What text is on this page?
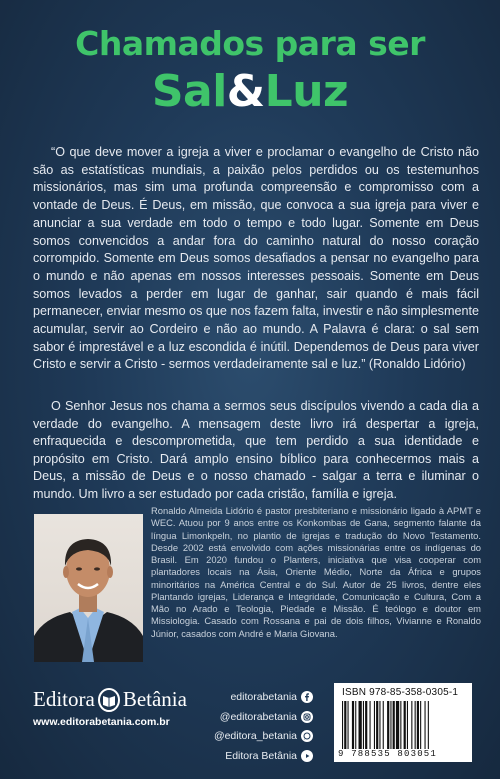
Chamados para ser
Sal&Luz

“O que deve mover a igreja a viver e proclamar o evangelho de Cristo não são as estatísticas mundiais, a paixão pelos perdidos ou os testemunhos missionários, mas sim uma profunda compreensão e compromisso com a vontade de Deus. É Deus, em missão, que convoca a sua igreja para viver e anunciar a sua verdade em todo o tempo e todo lugar. Somente em Deus somos convencidos a andar fora do caminho natural do nosso coração corrompido. Somente em Deus somos desafiados a pensar no evangelho para o mundo e não apenas em nossos interesses pessoais. Somente em Deus somos levados a perder em lugar de ganhar, sair quando é mais fácil permanecer, enviar mesmo os que nos fazem falta, investir e não simplesmente acumular, servir ao Cordeiro e não ao mundo. A Palavra é clara: o sal sem sabor é imprestável e a luz escondida é inútil. Dependemos de Deus para viver Cristo e servir a Cristo - sermos verdadeiramente sal e luz.” (Ronaldo Lidório)

O Senhor Jesus nos chama a sermos seus discípulos vivendo a cada dia a verdade do evangelho. A mensagem deste livro irá despertar a igreja, enfraquecida e descomprometida, que tem perdido a sua identidade e propósito em Cristo. Dará amplo ensino bíblico para conhecermos mais a Deus, a missão de Deus e o nosso chamado - salgar a terra e iluminar o mundo. Um livro a ser estudado por cada cristão, família e igreja.

Ronaldo Almeida Lidório é pastor presbiteriano e missionário ligado à APMT e WEC. Atuou por 9 anos entre os Konkombas de Gana, segmento falante da língua Limonkpeln, no plantio de igrejas e tradução do Novo Testamento. Desde 2002 está envolvido com ações missionárias entre os indígenas do Brasil. Em 2020 fundou o Planters, iniciativa que visa cooperar com plantadores locais na Ásia, Oriente Médio, Norte da África e grupos minoritários na América Central e do Sul. Autor de 25 livros, dentre eles Plantando igrejas, Liderança e Integridade, Comunicação e Cultura, Com a Mão no Arado e Teologia, Piedade e Missão. É teólogo e doutor em Missiologia. Casado com Rossana e pai de dois filhos, Vivianne e Ronaldo Júnior, casados com André e Maria Giovana.

Editora Betânia
www.editorabetania.com.br
editorabetania
@editorabetania
@editora_betania
Editora Betânia
ISBN 978-85-358-0305-1
9 788535 803051
